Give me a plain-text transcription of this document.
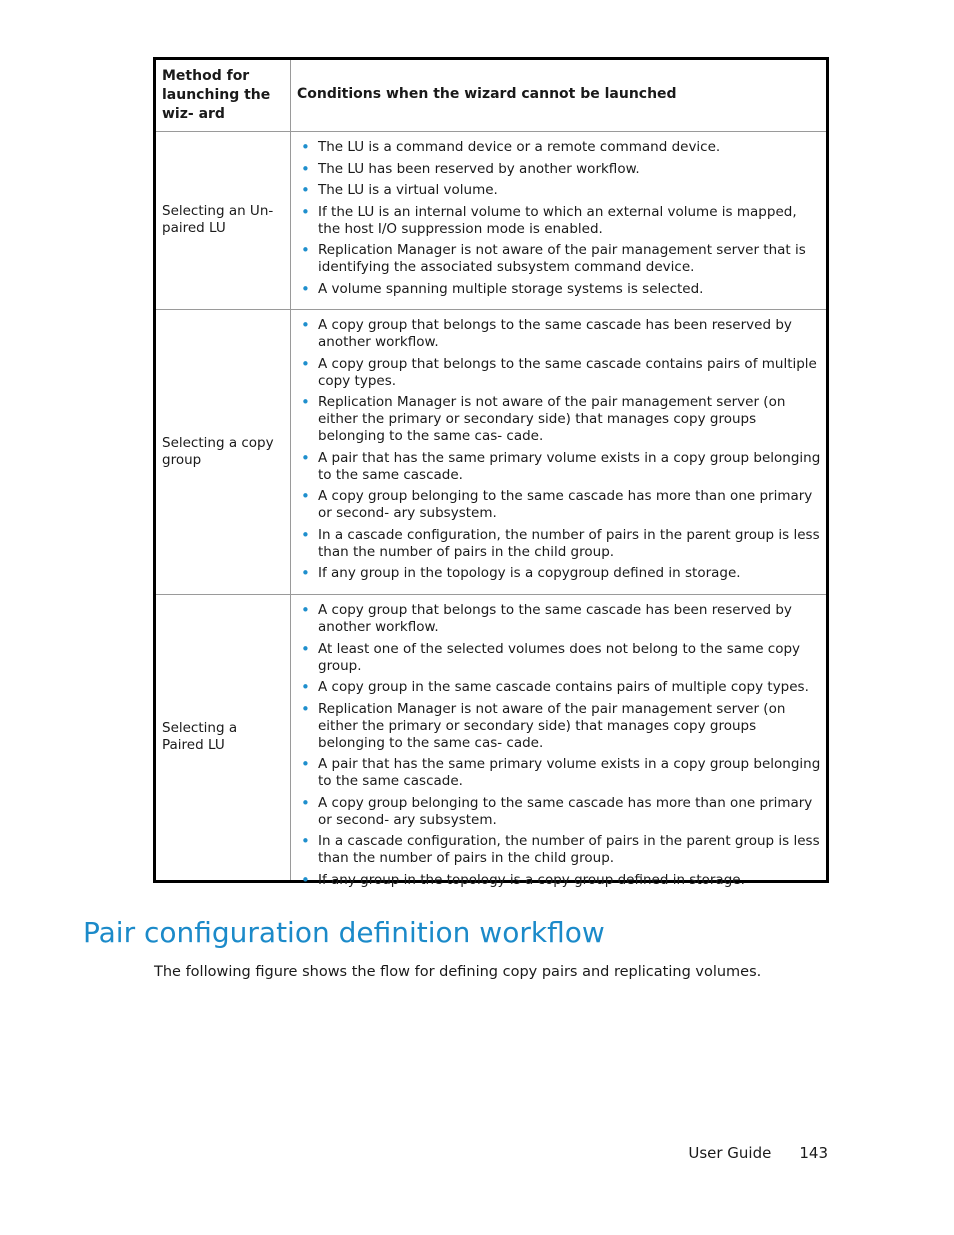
Method for launching the wiz- ard
Conditions when the wizard cannot be launched
Selecting an Un- paired LU
• The LU is a command device or a remote command device.
• The LU has been reserved by another workflow.
• The LU is a virtual volume.
• If the LU is an internal volume to which an external volume is mapped, the host I/O suppression mode is enabled.
• Replication Manager is not aware of the pair management server that is identifying the associated subsystem command device.
• A volume spanning multiple storage systems is selected.
Selecting a copy group
• A copy group that belongs to the same cascade has been reserved by another workflow.
• A copy group that belongs to the same cascade contains pairs of multiple copy types.
• Replication Manager is not aware of the pair management server (on either the primary or secondary side) that manages copy groups belonging to the same cas- cade.
• A pair that has the same primary volume exists in a copy group belonging to the same cascade.
• A copy group belonging to the same cascade has more than one primary or second- ary subsystem.
• In a cascade configuration, the number of pairs in the parent group is less than the number of pairs in the child group.
• If any group in the topology is a copygroup defined in storage.
Selecting a Paired LU
• A copy group that belongs to the same cascade has been reserved by another workflow.
• At least one of the selected volumes does not belong to the same copy group.
• A copy group in the same cascade contains pairs of multiple copy types.
• Replication Manager is not aware of the pair management server (on either the primary or secondary side) that manages copy groups belonging to the same cas- cade.
• A pair that has the same primary volume exists in a copy group belonging to the same cascade.
• A copy group belonging to the same cascade has more than one primary or second- ary subsystem.
• In a cascade configuration, the number of pairs in the parent group is less than the number of pairs in the child group.
• If any group in the topology is a copy group defined in storage.
Pair configuration definition workflow

The following figure shows the flow for defining copy pairs and replicating volumes.

User Guide 143
